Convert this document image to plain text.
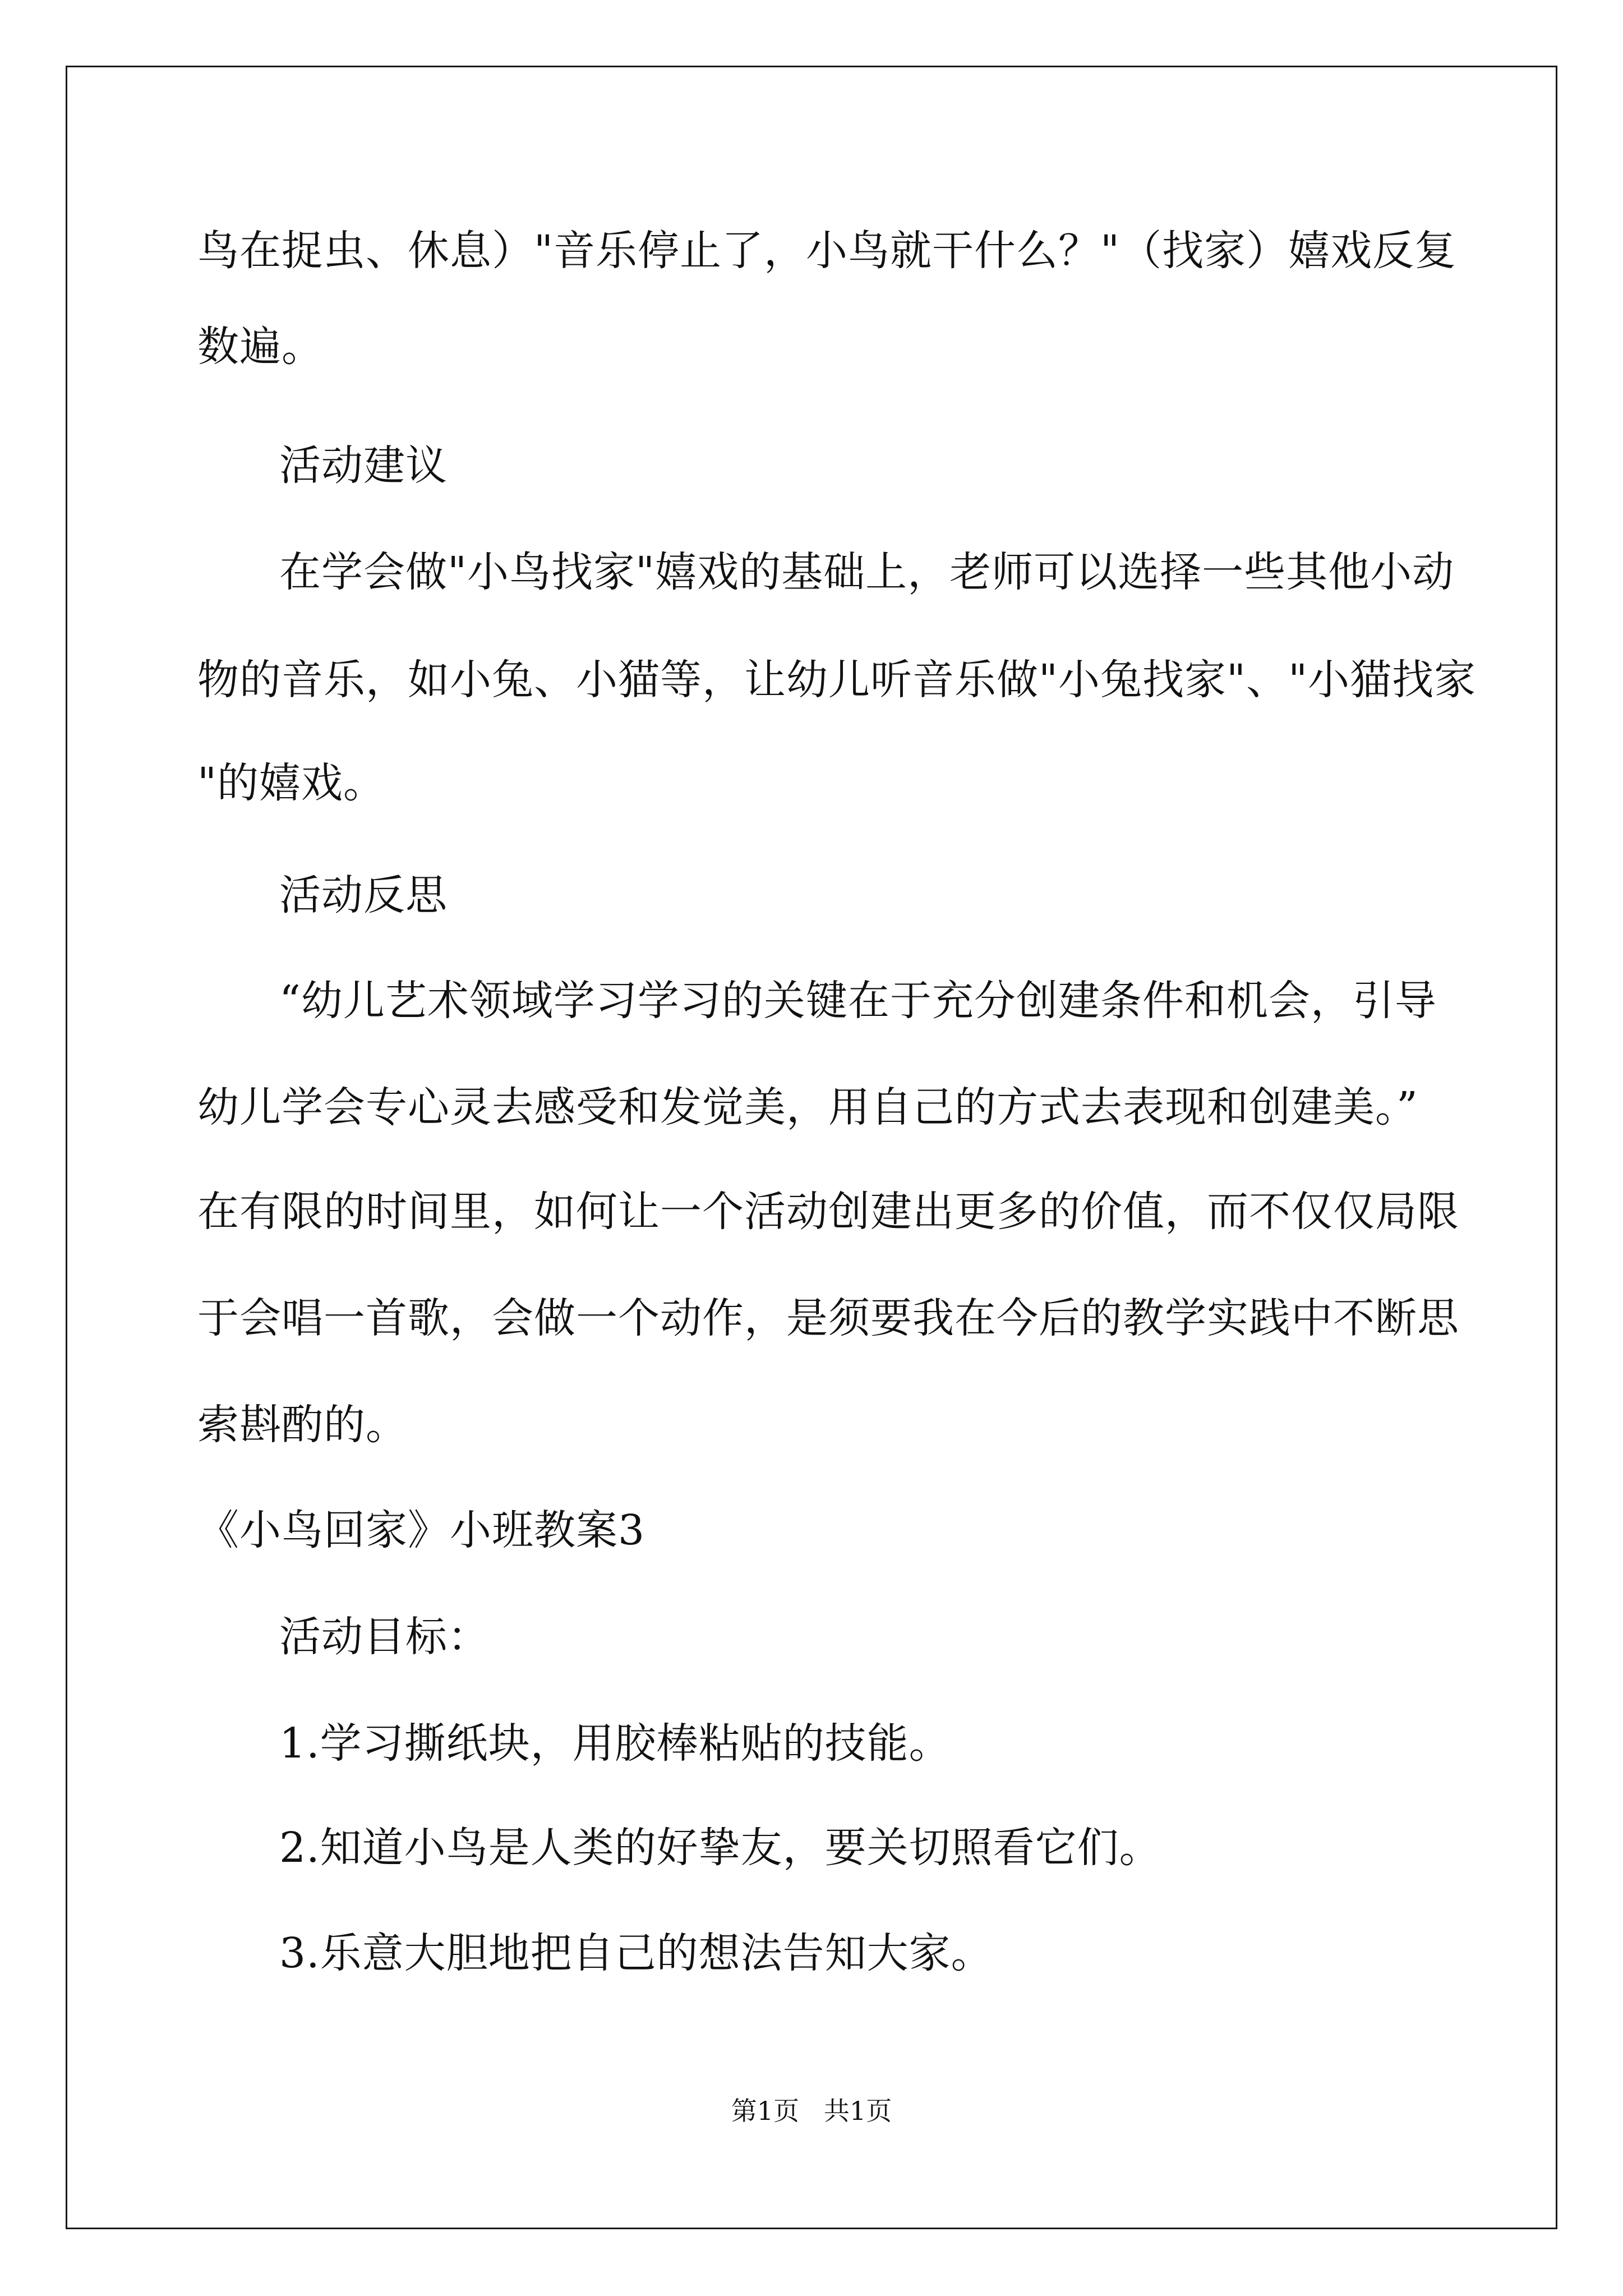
鸟在捉虫、休息）"音乐停止了，小鸟就干什么？"（找家）嬉戏反复
数遍。
活动建议
在学会做"小鸟找家"嬉戏的基础上，老师可以选择一些其他小动
物的音乐，如小兔、小猫等，让幼儿听音乐做"小兔找家"、"小猫找家
"的嬉戏。
活动反思
“幼儿艺术领域学习学习的关键在于充分创建条件和机会，引导
幼儿学会专心灵去感受和发觉美，用自己的方式去表现和创建美。”
在有限的时间里，如何让一个活动创建出更多的价值，而不仅仅局限
于会唱一首歌，会做一个动作，是须要我在今后的教学实践中不断思
索斟酌的。
《小鸟回家》小班教案3
活动目标：
1.学习撕纸块，用胶棒粘贴的技能。
2.知道小鸟是人类的好挚友，要关切照看它们。
3.乐意大胆地把自己的想法告知大家。
第1页   共1页
